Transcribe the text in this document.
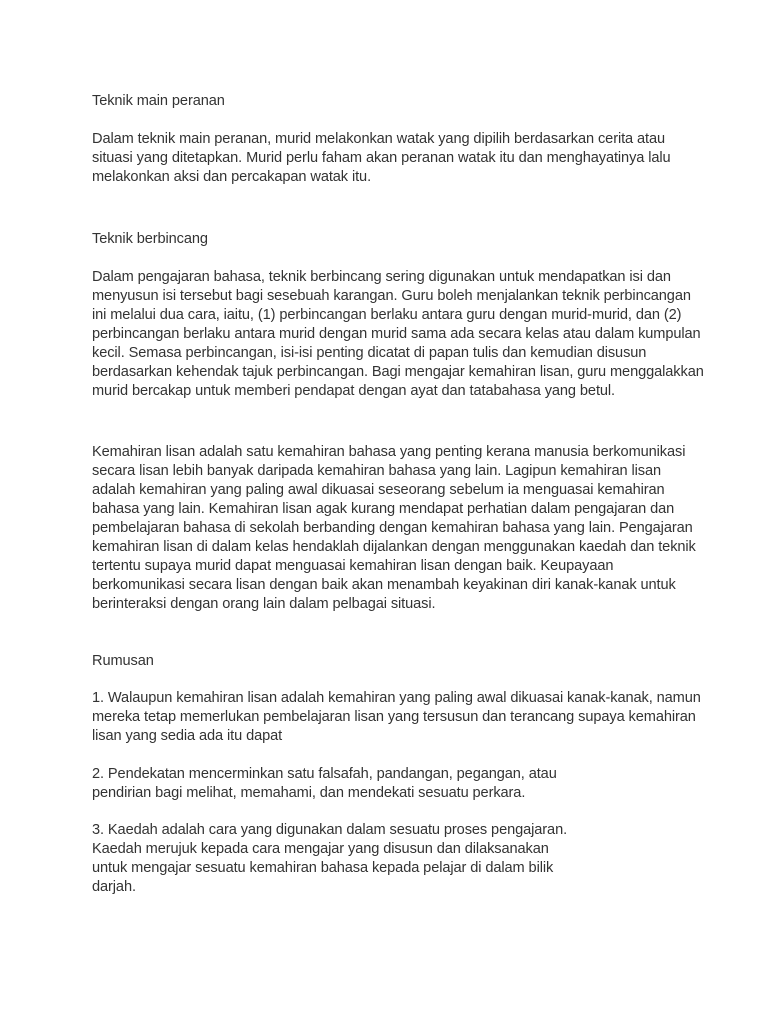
Teknik main peranan
Dalam teknik main peranan, murid melakonkan watak yang dipilih berdasarkan cerita atau
situasi yang ditetapkan. Murid perlu faham akan peranan watak itu dan menghayatinya lalu
melakonkan aksi dan percakapan watak itu.
Teknik berbincang
Dalam pengajaran bahasa, teknik berbincang sering digunakan untuk mendapatkan isi dan
menyusun isi tersebut bagi sesebuah karangan. Guru boleh menjalankan teknik perbincangan
ini melalui dua cara, iaitu, (1) perbincangan berlaku antara guru dengan murid-murid, dan (2)
perbincangan berlaku antara murid dengan murid sama ada secara kelas atau dalam kumpulan
kecil. Semasa perbincangan, isi-isi penting dicatat di papan tulis dan kemudian disusun
berdasarkan kehendak tajuk perbincangan. Bagi mengajar kemahiran lisan, guru menggalakkan
murid bercakap untuk memberi pendapat dengan ayat dan tatabahasa yang betul.
Kemahiran lisan adalah satu kemahiran bahasa yang penting kerana manusia berkomunikasi
secara lisan lebih banyak daripada kemahiran bahasa yang lain. Lagipun kemahiran lisan
adalah kemahiran yang paling awal dikuasai seseorang sebelum ia menguasai kemahiran
bahasa yang lain. Kemahiran lisan agak kurang mendapat perhatian dalam pengajaran dan
pembelajaran bahasa di sekolah berbanding dengan kemahiran bahasa yang lain. Pengajaran
kemahiran lisan di dalam kelas hendaklah dijalankan dengan menggunakan kaedah dan teknik
tertentu supaya murid dapat menguasai kemahiran lisan dengan baik. Keupayaan
berkomunikasi secara lisan dengan baik akan menambah keyakinan diri kanak-kanak untuk
berinteraksi dengan orang lain dalam pelbagai situasi.
Rumusan
1. Walaupun kemahiran lisan adalah kemahiran yang paling awal dikuasai kanak-kanak, namun
mereka tetap memerlukan pembelajaran lisan yang tersusun dan terancang supaya kemahiran
lisan yang sedia ada itu dapat
2. Pendekatan mencerminkan satu falsafah, pandangan, pegangan, atau
pendirian bagi melihat, memahami, dan mendekati sesuatu perkara.
3. Kaedah adalah cara yang digunakan dalam sesuatu proses pengajaran.
Kaedah merujuk kepada cara mengajar yang disusun dan dilaksanakan
untuk mengajar sesuatu kemahiran bahasa kepada pelajar di dalam bilik
darjah.
